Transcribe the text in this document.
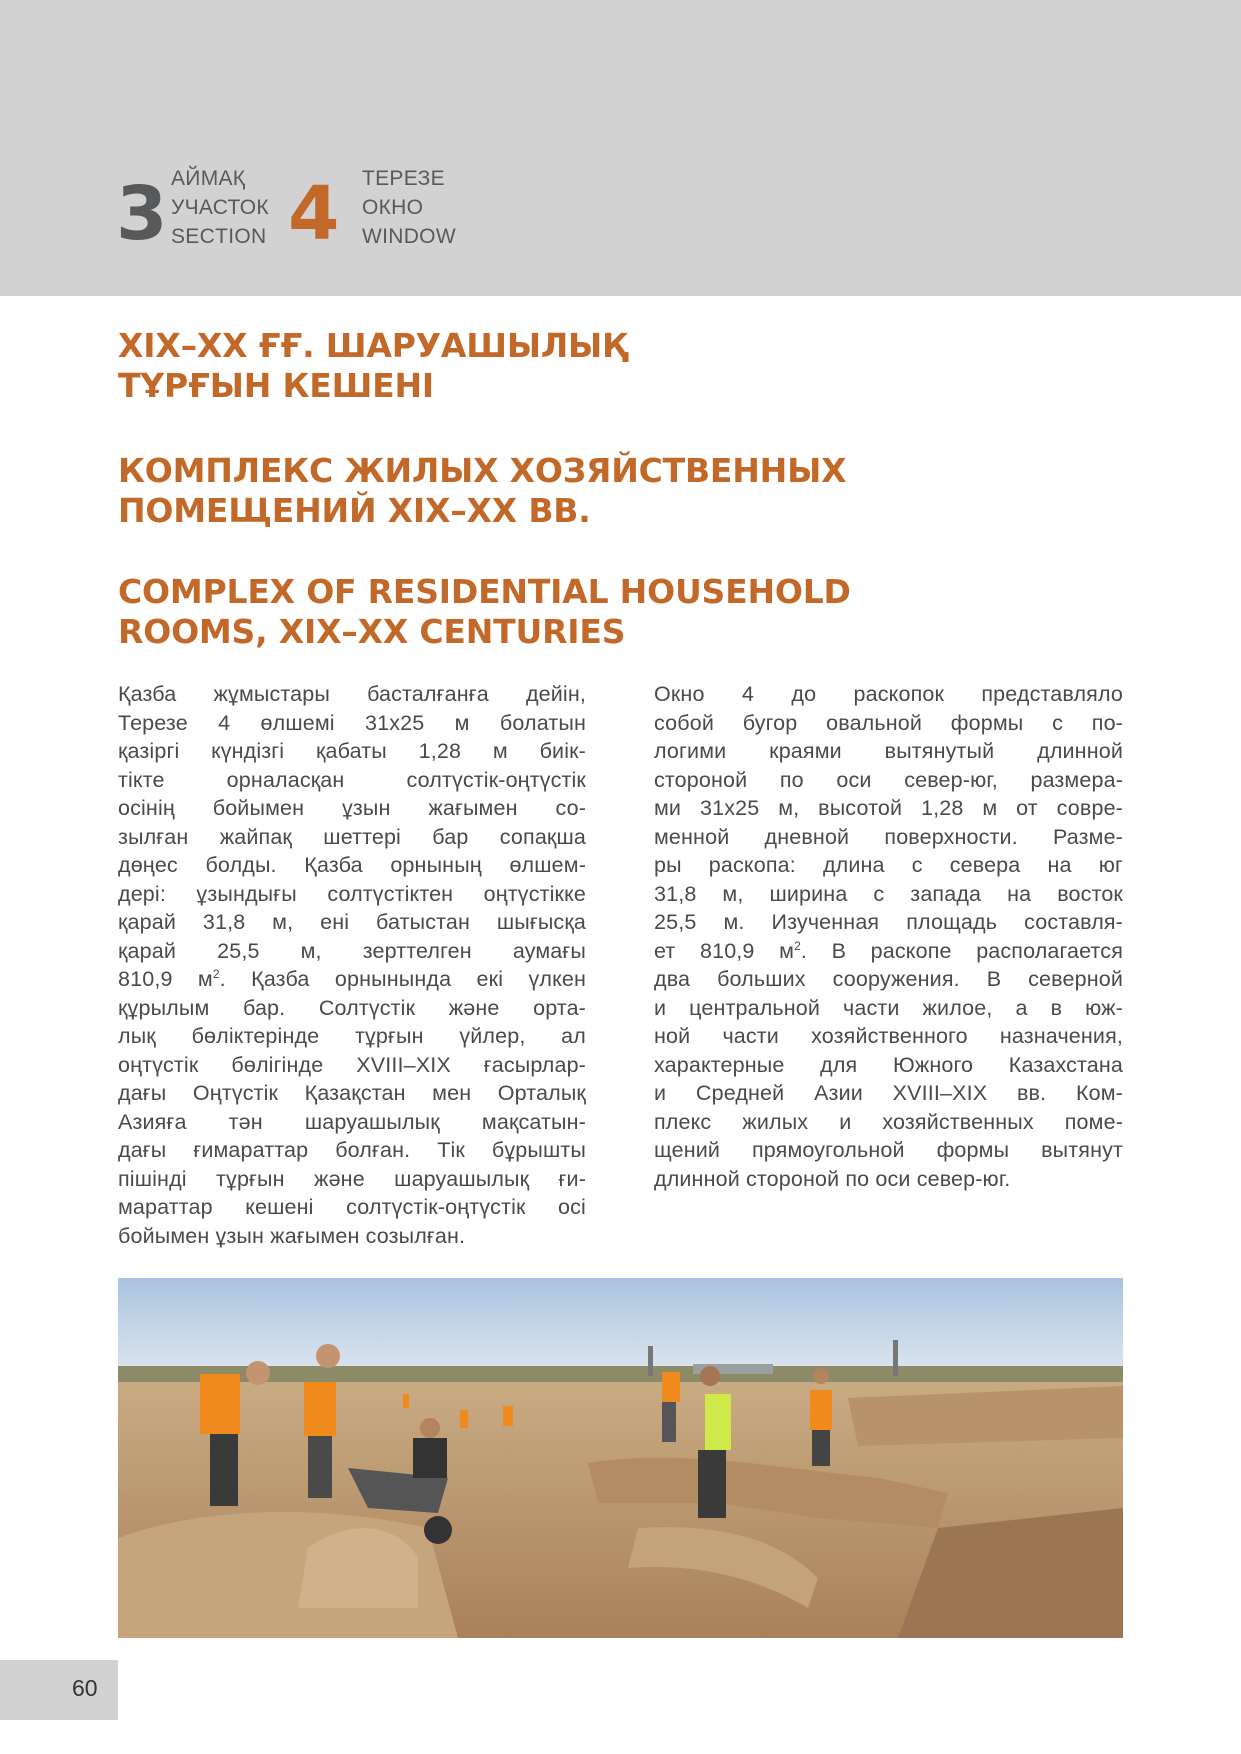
3 АЙМАҚ
УЧАСТОК
SECTION 4 ТЕРЕЗЕ
ОКНО
WINDOW
XIX–XX ҒҒ. ШАРУАШЫЛЫҚ
ТҰРҒЫН КЕШЕНІ
КОМПЛЕКС ЖИЛЫХ ХОЗЯЙСТВЕННЫХ
ПОМЕЩЕНИЙ XIX–XX ВВ.
COMPLEX OF RESIDENTIAL HOUSEHOLD
ROOMS, XIX–XX CENTURIES
Қазба жұмыстары басталғанға дейін,
Терезе 4 өлшемі 31х25 м болатын
қазіргі күндізгі қабаты 1,28 м биік-
тікте орналасқан солтүстік-оңтүстік
осінің бойымен ұзын жағымен со-
зылған жайпақ шеттері бар сопақша
дөңес болды. Қазба орнының өлшем-
дері: ұзындығы солтүстіктен оңтүстікке
қарай 31,8 м, ені батыстан шығысқа
қарай 25,5 м, зерттелген аумағы
810,9 $м^2$. Қазба орнынында екі үлкен
құрылым бар. Солтүстік және орта-
лық бөліктерінде тұрғын үйлер, ал
оңтүстік бөлігінде XVIII–XIX ғасырлар-
дағы Оңтүстік Қазақстан мен Орталық
Азияға тән шаруашылық мақсатын-
дағы ғимараттар болған. Тік бұрышты
пішінді тұрғын және шаруашылық ғи-
мараттар кешені солтүстік-оңтүстік осі
бойымен ұзын жағымен созылған.
Окно 4 до раскопок представляло
собой бугор овальной формы с по-
логими краями вытянутый длинной
стороной по оси север-юг, размера-
ми 31х25 м, высотой 1,28 м от совре-
менной дневной поверхности. Разме-
ры раскопа: длина с севера на юг
31,8 м, ширина с запада на восток
25,5 м. Изученная площадь составля-
ет 810,9 $м^2$. В раскопе располагается
два больших сооружения. В северной
и центральной части жилое, а в юж-
ной части хозяйственного назначения,
характерные для Южного Казахстана
и Средней Азии XVIII–XIX вв. Ком-
плекс жилых и хозяйственных поме-
щений прямоугольной формы вытянут
длинной стороной по оси север-юг.
60
